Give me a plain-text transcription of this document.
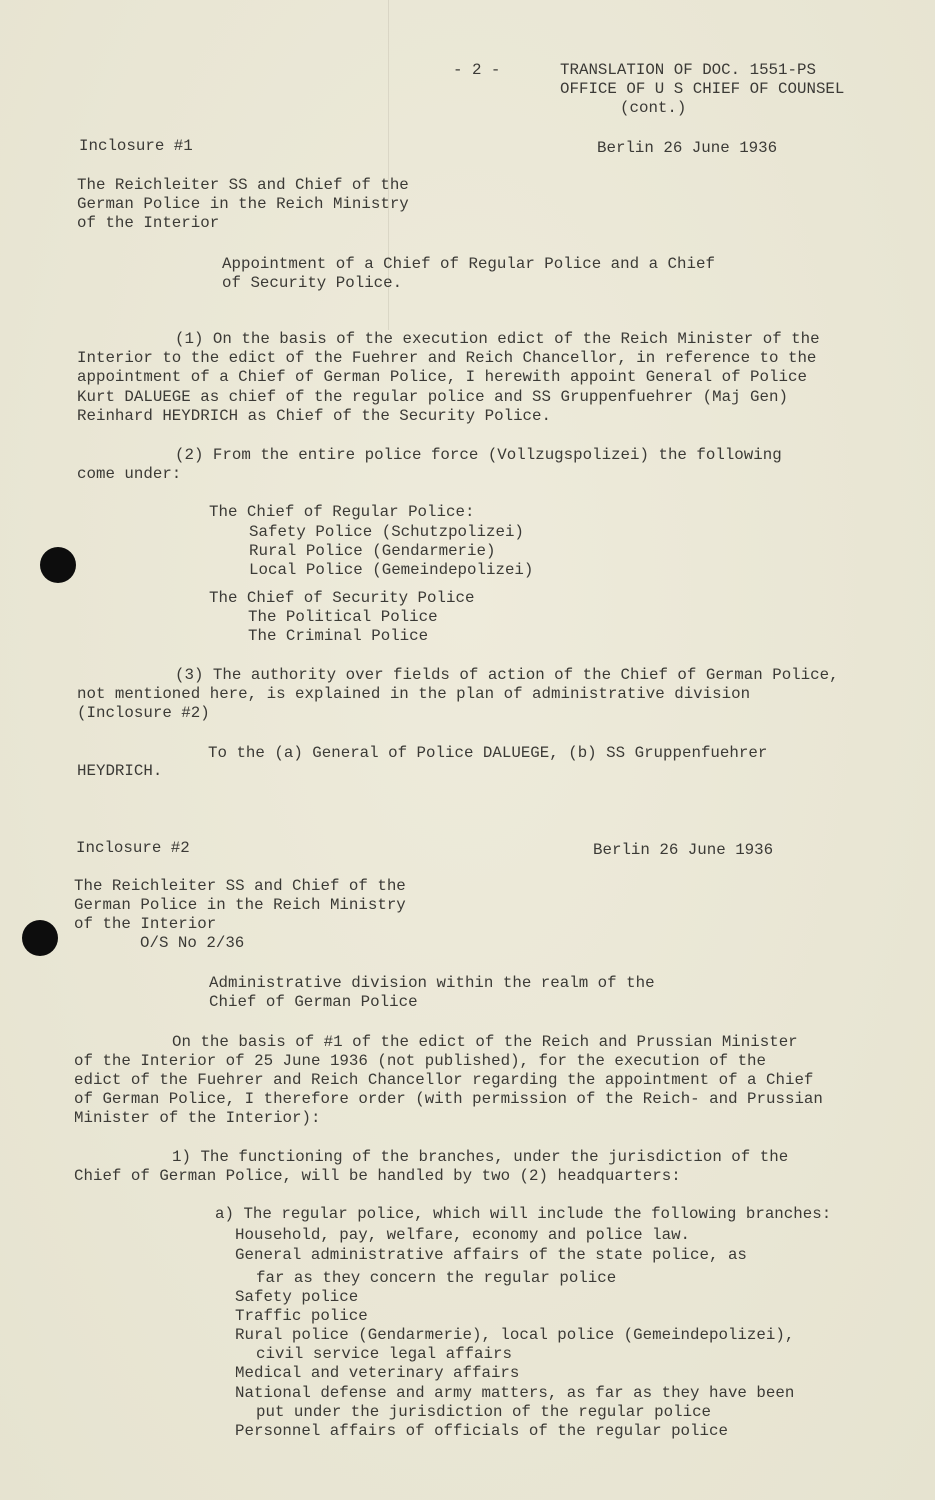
- 2 -	TRANSLATION OF DOC. 1551-PS
OFFICE OF U S CHIEF OF COUNSEL
(cont.)
Inclosure #1	Berlin 26 June 1936
The Reichleiter SS and Chief of the
German Police in the Reich Ministry
of the Interior
Appointment of a Chief of Regular Police and a Chief
of Security Police.
(1) On the basis of the execution edict of the Reich Minister of the
Interior to the edict of the Fuehrer and Reich Chancellor, in reference to the
appointment of a Chief of German Police, I herewith appoint General of Police
Kurt DALUEGE as chief of the regular police and SS Gruppenfuehrer (Maj Gen)
Reinhard HEYDRICH as Chief of the Security Police.
(2) From the entire police force (Vollzugspolizei) the following
come under:
The Chief of Regular Police:
Safety Police (Schutzpolizei)
Rural Police (Gendarmerie)
Local Police (Gemeindepolizei)
The Chief of Security Police
The Political Police
The Criminal Police
(3) The authority over fields of action of the Chief of German Police,
not mentioned here, is explained in the plan of administrative division
(Inclosure #2)
To the (a) General of Police DALUEGE, (b) SS Gruppenfuehrer
HEYDRICH.
Inclosure #2	Berlin 26 June 1936
The Reichleiter SS and Chief of the
German Police in the Reich Ministry
of the Interior
O/S No 2/36
Administrative division within the realm of the
Chief of German Police
On the basis of #1 of the edict of the Reich and Prussian Minister
of the Interior of 25 June 1936 (not published), for the execution of the
edict of the Fuehrer and Reich Chancellor regarding the appointment of a Chief
of German Police, I therefore order (with permission of the Reich- and Prussian
Minister of the Interior):
1) The functioning of the branches, under the jurisdiction of the
Chief of German Police, will be handled by two (2) headquarters:
a) The regular police, which will include the following branches:
Household, pay, welfare, economy and police law.
General administrative affairs of the state police, as
far as they concern the regular police
Safety police
Traffic police
Rural police (Gendarmerie), local police (Gemeindepolizei),
civil service legal affairs
Medical and veterinary affairs
National defense and army matters, as far as they have been
put under the jurisdiction of the regular police
Personnel affairs of officials of the regular police
